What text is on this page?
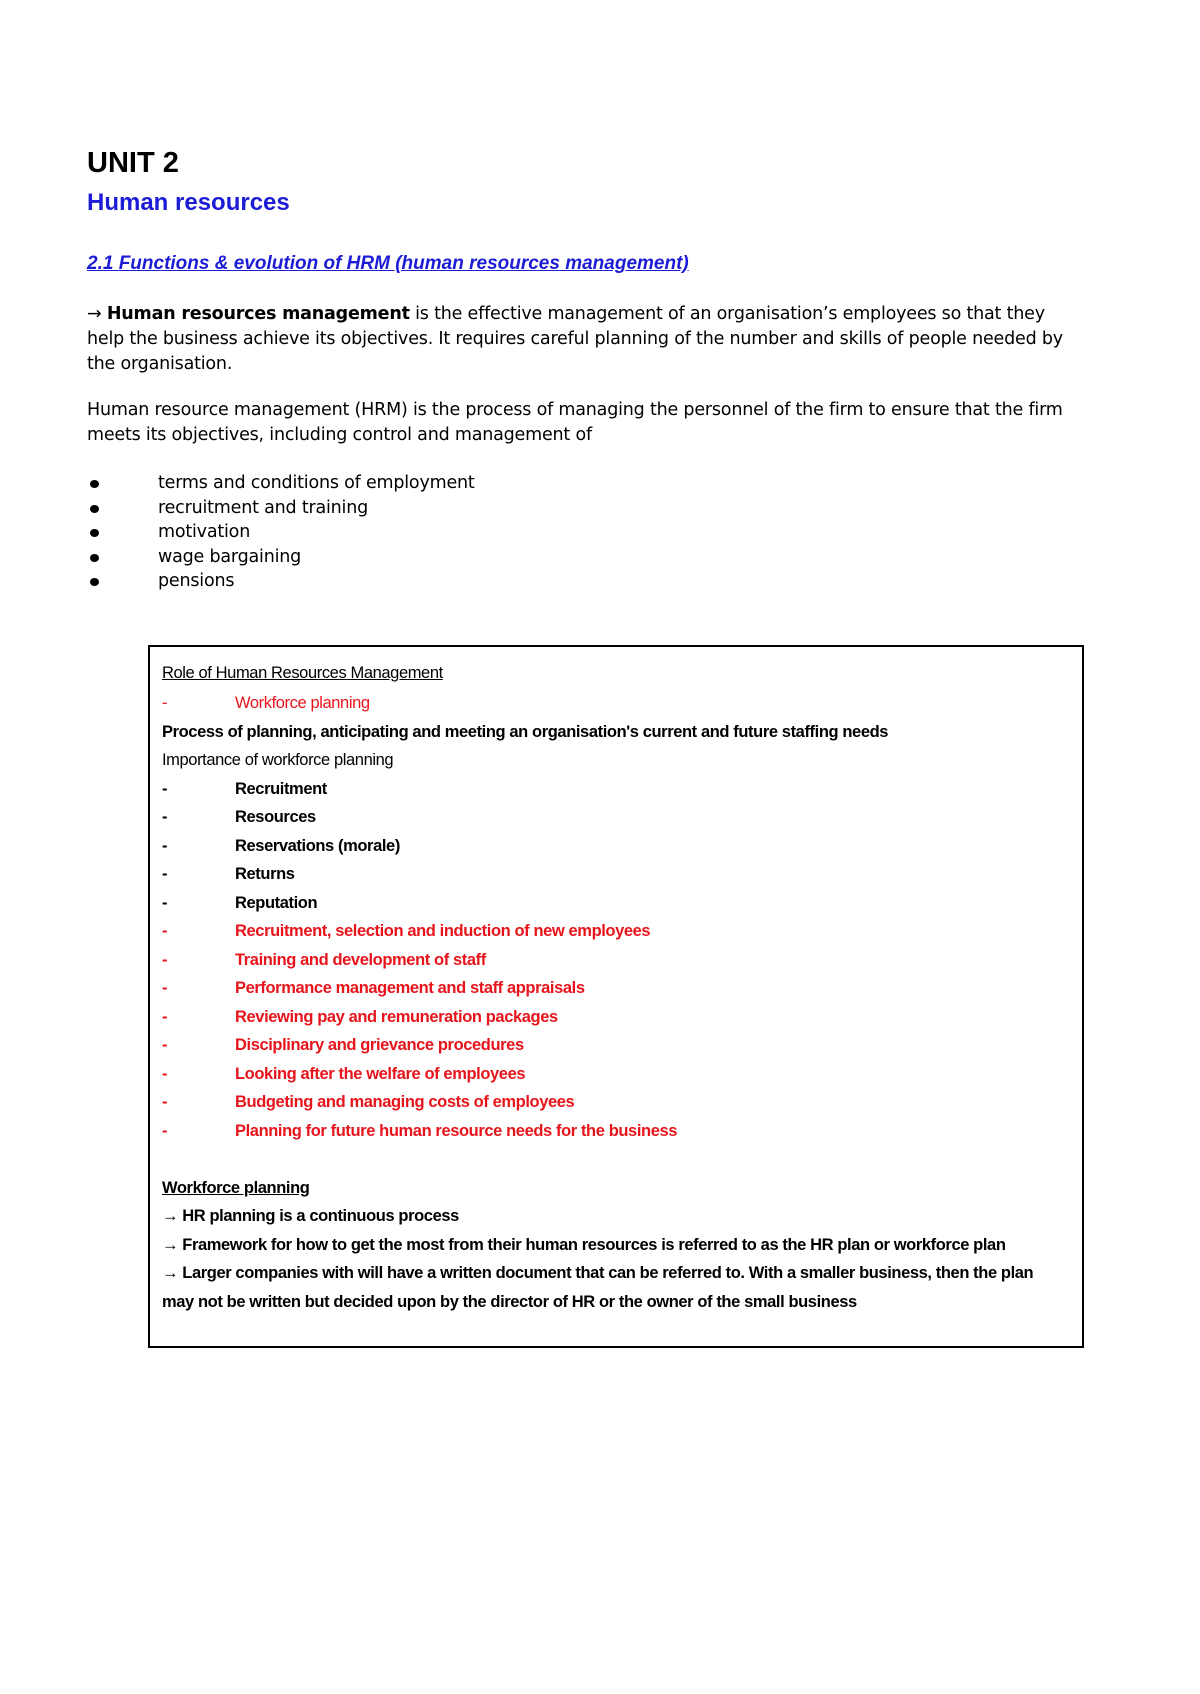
UNIT 2
Human resources
2.1 Functions & evolution of HRM (human resources management)

→ Human resources management is the effective management of an organisation’s employees so that they help the business achieve its objectives. It requires careful planning of the number and skills of people needed by the organisation.

Human resource management (HRM) is the process of managing the personnel of the firm to ensure that the firm meets its objectives, including control and management of

terms and conditions of employment
recruitment and training
motivation
wage bargaining
pensions

Role of Human Resources Management

-	Workforce planning

Process of planning, anticipating and meeting an organisation's current and future staffing needs

Importance of workforce planning

-	Recruitment
-	Resources
-	Reservations (morale)
-	Returns
-	Reputation
-	Recruitment, selection and induction of new employees
-	Training and development of staff
-	Performance management and staff appraisals
-	Reviewing pay and remuneration packages
-	Disciplinary and grievance procedures
-	Looking after the welfare of employees
-	Budgeting and managing costs of employees
-	Planning for future human resource needs for the business

Workforce planning

→ HR planning is a continuous process

→ Framework for how to get the most from their human resources is referred to as the HR plan or workforce plan

→ Larger companies with will have a written document that can be referred to. With a smaller business, then the plan may not be written but decided upon by the director of HR or the owner of the small business
